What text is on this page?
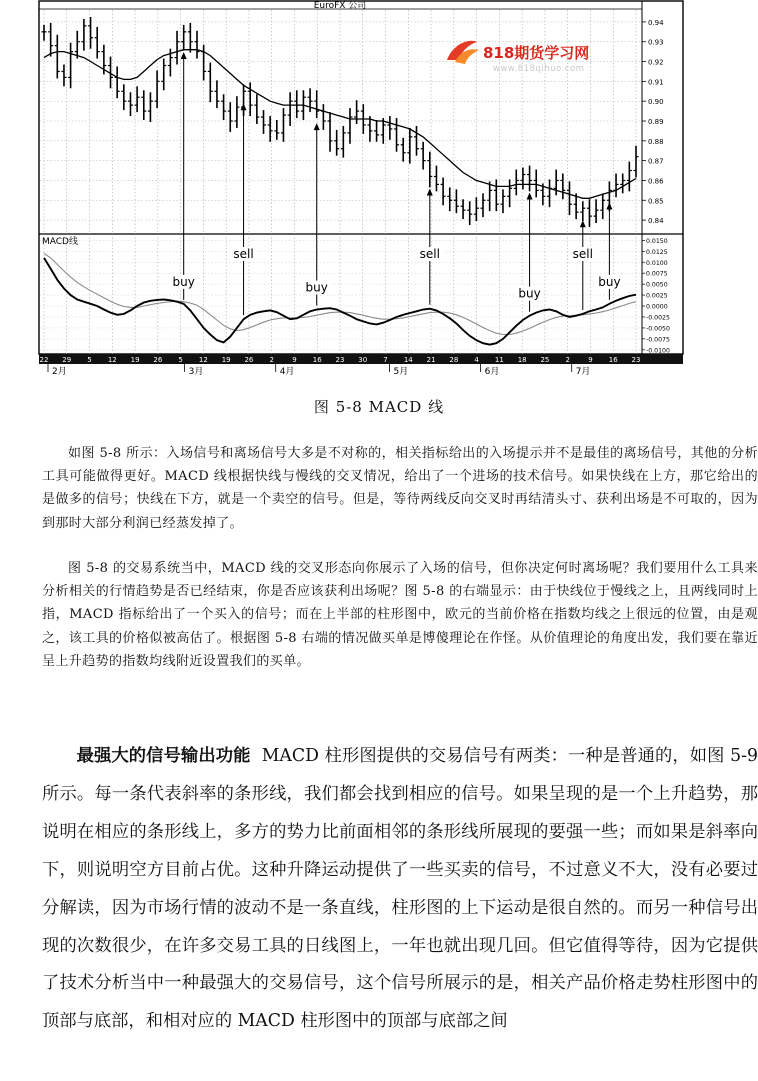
EuroFX 公司
0.94
0.93
0.92
0.91
0.90
0.89
0.88
0.87
0.86
0.85
0.84
0.0150
0.0125
0.0100
0.0075
0.0050
0.0025
0.0000
-0.0025
-0.0050
-0.0075
-0.0100
buy
sell
buy
sell
buy
sell
buy
MACD线
22 29 5 12 19 26 5 12 19 26 2	9 16 23 30 7 14 21 28 4 11 18 25 2	9 16 23
2月	3月	4月	5月	6月	7月
818期货学习网
www.818qihuo.com
图 5-8 MACD 线

如图 5-8 所示：入场信号和离场信号大多是不对称的，相关指标给出的入场提示并不是最佳的离场信号，其他的分析工具可能做得更好。MACD 线根据快线与慢线的交叉情况，给出了一个进场的技术信号。如果快线在上方，那它给出的是做多的信号；快线在下方，就是一个卖空的信号。但是，等待两线反向交叉时再结清头寸、获利出场是不可取的，因为到那时大部分利润已经蒸发掉了。

图 5-8 的交易系统当中，MACD 线的交叉形态向你展示了入场的信号，但你决定何时离场呢？我们要用什么工具来分析相关的行情趋势是否已经结束，你是否应该获利出场呢？图 5-8 的右端显示：由于快线位于慢线之上，且两线同时上指，MACD 指标给出了一个买入的信号；而在上半部的柱形图中，欧元的当前价格在指数均线之上很远的位置，由是观之，该工具的价格似被高估了。根据图 5-8 右端的情况做买单是博傻理论在作怪。从价值理论的角度出发，我们要在靠近呈上升趋势的指数均线附近设置我们的买单。

最强大的信号输出功能 MACD 柱形图提供的交易信号有两类：一种是普通的，如图 5-9 所示。每一条代表斜率的条形线，我们都会找到相应的信号。如果呈现的是一个上升趋势，那说明在相应的条形线上，多方的势力比前面相邻的条形线所展现的要强一些；而如果是斜率向下，则说明空方目前占优。这种升降运动提供了一些买卖的信号，不过意义不大，没有必要过分解读，因为市场行情的波动不是一条直线，柱形图的上下运动是很自然的。而另一种信号出现的次数很少，在许多交易工具的日线图上，一年也就出现几回。但它值得等待，因为它提供了技术分析当中一种最强大的交易信号，这个信号所展示的是，相关产品价格走势柱形图中的顶部与底部，和相对应的 MACD 柱形图中的顶部与底部之间
